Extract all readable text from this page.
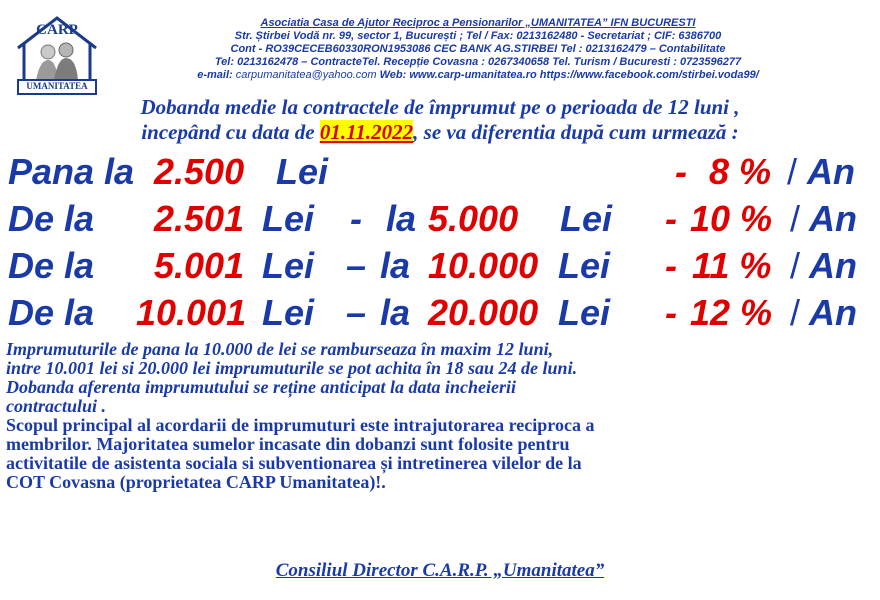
CARP
UMANITATEA
Asociatia Casa de Ajutor Reciproc a Pensionarilor „UMANITATEA” IFN BUCURESTI
Str. Știrbei Vodă nr. 99, sector 1, București ; Tel / Fax: 0213162480 - Secretariat ; CIF: 6386700
Cont - RO39CECEB60330RON1953086 CEC BANK AG.STIRBEI Tel : 0213162479 – Contabilitate
Tel: 0213162478 – ContracteTel. Recepție Covasna : 0267340658 Tel. Turism / Bucuresti : 0723596277
e-mail: carpumanitatea@yahoo.com Web: www.carp-umanitatea.ro https://www.facebook.com/stirbei.voda99/
Dobanda medie la contractele de împrumut pe o perioada de 12 luni ,
incepând cu data de 01.11.2022, se va diferentia după cum urmează :
Pana la 2.500 Lei	- 8 % / An
De la 2.501 Lei - la 5.000 Lei - 10 % / An
De la 5.001 Lei – la 10.000 Lei - 11 % / An
De la 10.001 Lei – la 20.000 Lei - 12 % / An

Imprumuturile de pana la 10.000 de lei se ramburseaza în maxim 12 luni,
intre 10.001 lei si 20.000 lei imprumuturile se pot achita în 18 sau 24 de luni.
Dobanda aferenta imprumutului se reține anticipat la data incheierii
contractului .

Scopul principal al acordarii de imprumuturi este intrajutorarea reciproca a
membrilor. Majoritatea sumelor incasate din dobanzi sunt folosite pentru
activitatile de asistenta sociala si subventionarea și intretinerea vilelor de la
COT Covasna (proprietatea CARP Umanitatea)!.

Consiliul Director C.A.R.P. „Umanitatea”
